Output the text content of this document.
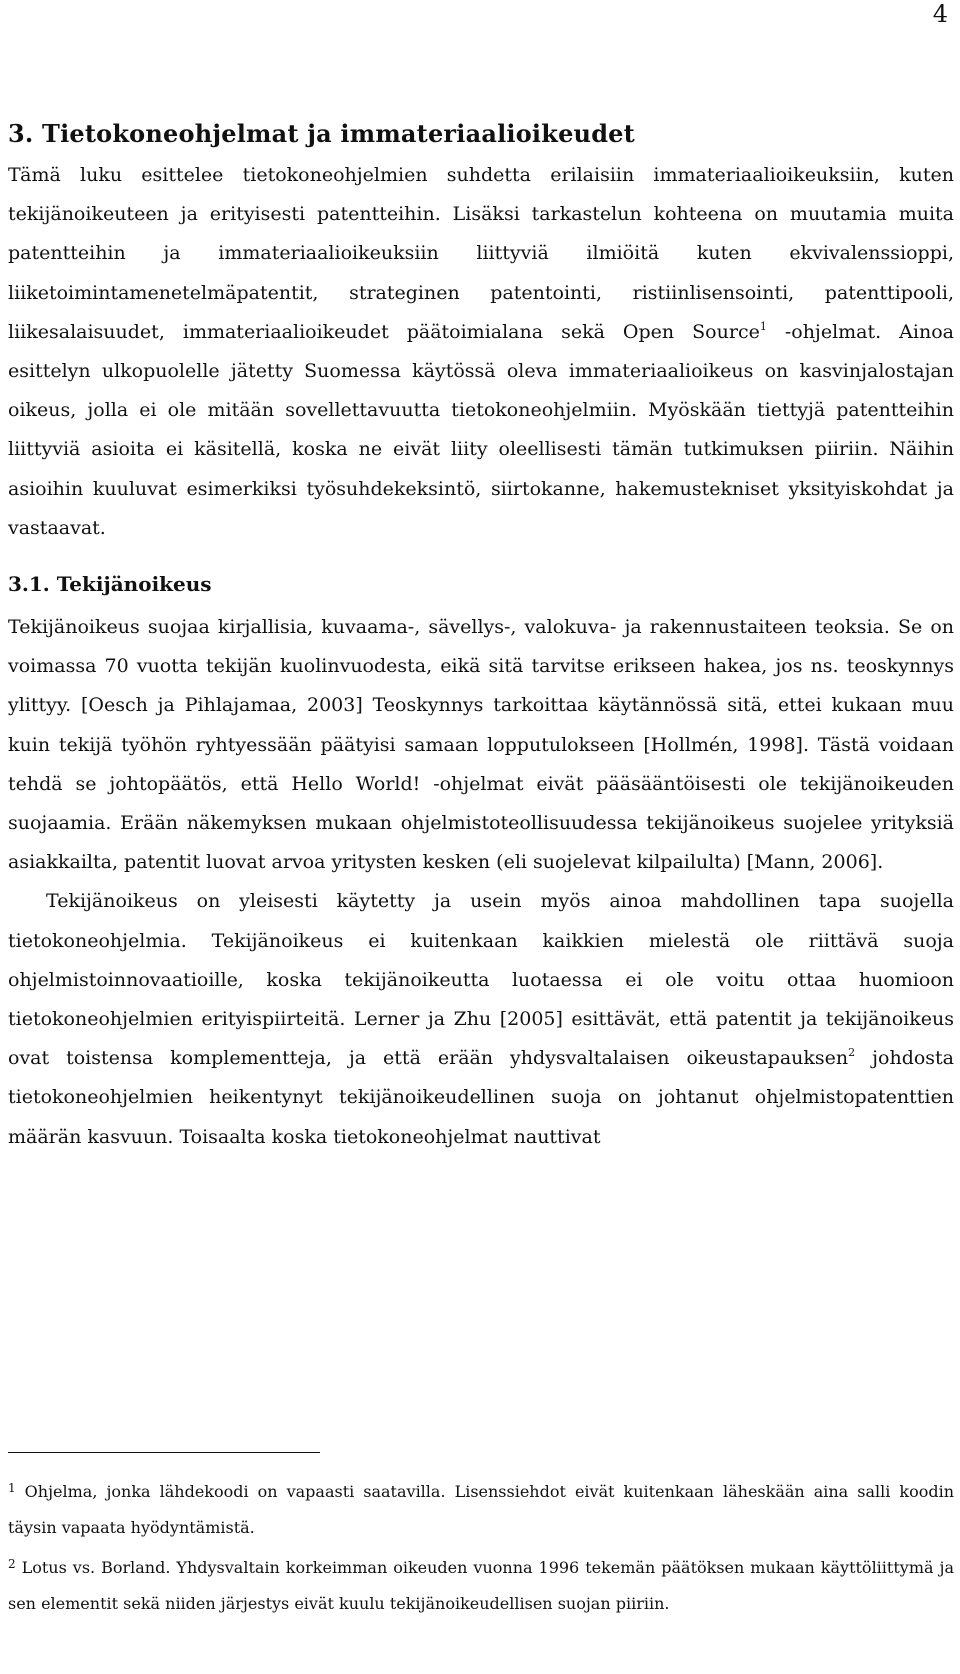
4
3. Tietokoneohjelmat ja immateriaalioikeudet

Tämä luku esittelee tietokoneohjelmien suhdetta erilaisiin immateriaalioikeuksiin, kuten tekijänoikeuteen ja erityisesti patentteihin. Lisäksi tarkastelun kohteena on muutamia muita patentteihin ja immateriaalioikeuksiin liittyviä ilmiöitä kuten ekvivalenssioppi, liiketoimintamenetelmäpatentit, strateginen patentointi, ristiinlisensointi, patenttipooli, liikesalaisuudet, immateriaalioikeudet päätoimialana sekä Open Source$^1$ -ohjelmat. Ainoa esittelyn ulkopuolelle jätetty Suomessa käytössä oleva immateriaalioikeus on kasvinjalostajan oikeus, jolla ei ole mitään sovellettavuutta tietokoneohjelmiin. Myöskään tiettyjä patentteihin liittyviä asioita ei käsitellä, koska ne eivät liity oleellisesti tämän tutkimuksen piiriin. Näihin asioihin kuuluvat esimerkiksi työsuhdekeksintö, siirtokanne, hakemustekniset yksityiskohdat ja vastaavat.

3.1. Tekijänoikeus

Tekijänoikeus suojaa kirjallisia, kuvaama-, sävellys-, valokuva- ja rakennustaiteen teoksia. Se on voimassa 70 vuotta tekijän kuolinvuodesta, eikä sitä tarvitse erikseen hakea, jos ns. teoskynnys ylittyy. [Oesch ja Pihlajamaa, 2003] Teoskynnys tarkoittaa käytännössä sitä, ettei kukaan muu kuin tekijä työhön ryhtyessään päätyisi samaan lopputulokseen [Hollmén, 1998]. Tästä voidaan tehdä se johtopäätös, että Hello World! -ohjelmat eivät pääsääntöisesti ole tekijänoikeuden suojaamia. Erään näkemyksen mukaan ohjelmistoteollisuudessa tekijänoikeus suojelee yrityksiä asiakkailta, patentit luovat arvoa yritysten kesken (eli suojelevat kilpailulta) [Mann, 2006].

Tekijänoikeus on yleisesti käytetty ja usein myös ainoa mahdollinen tapa suojella tietokoneohjelmia. Tekijänoikeus ei kuitenkaan kaikkien mielestä ole riittävä suoja ohjelmistoinnovaatioille, koska tekijänoikeutta luotaessa ei ole voitu ottaa huomioon tietokoneohjelmien erityispiirteitä. Lerner ja Zhu [2005] esittävät, että patentit ja tekijänoikeus ovat toistensa komplementteja, ja että erään yhdysvaltalaisen oikeustapauksen$^2$ johdosta tietokoneohjelmien heikentynyt tekijänoikeudellinen suoja on johtanut ohjelmistopatenttien määrän kasvuun. Toisaalta koska tietokoneohjelmat nauttivat

$^1$ Ohjelma, jonka lähdekoodi on vapaasti saatavilla. Lisenssiehdot eivät kuitenkaan läheskään aina salli koodin täysin vapaata hyödyntämistä.

$^2$ Lotus vs. Borland. Yhdysvaltain korkeimman oikeuden vuonna 1996 tekemän päätöksen mukaan käyttöliittymä ja sen elementit sekä niiden järjestys eivät kuulu tekijänoikeudellisen suojan piiriin.
